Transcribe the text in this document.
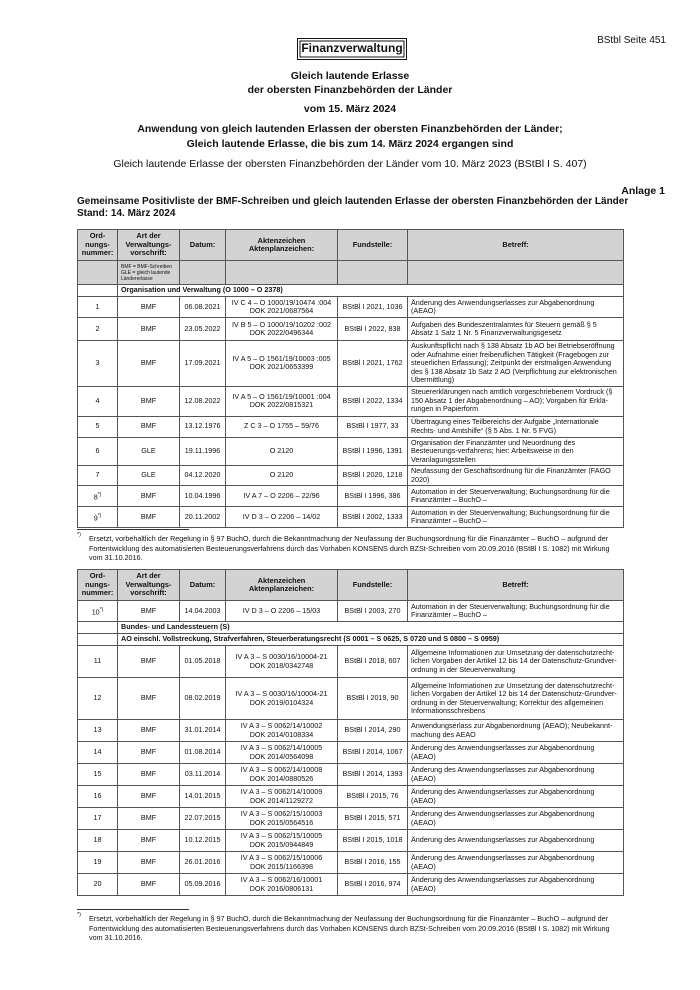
BStbl Seite 451
Finanzverwaltung
Gleich lautende Erlasse
der obersten Finanzbehörden der Länder
vom 15. März 2024
Anwendung von gleich lautenden Erlassen der obersten Finanzbehörden der Länder;
Gleich lautende Erlasse, die bis zum 14. März 2024 ergangen sind
Gleich lautende Erlasse der obersten Finanzbehörden der Länder vom 10. März 2023 (BStBl I S. 407)
Anlage 1
Gemeinsame Positivliste der BMF-Schreiben und gleich lautenden Erlasse der obersten Finanzbehörden der Länder
Stand: 14. März 2024
Ord-nungs-nummer:	Art der Verwaltungs-vorschrift:	Datum:	Aktenzeichen Aktenplanzeichen:	Fundstelle:	Betreff:

	BMF = BMF-Schreiben
GLE = gleich lautende Ländererlasse				

	Organisation und Verwaltung (O 1000 – O 2378)				
1	BMF	06.08.2021	IV C 4 – O 1000/19/10474 :004
DOK 2021/0687564	BStBl I 2021, 1036	Änderung des Anwendungserlasses zur Abgabenordnung (AEAO)
2	BMF	23.05.2022	IV B 5 – O 1000/19/10202 :002
DOK 2022/0496344	BStBl I 2022, 838	Aufgaben des Bundeszentralamtes für Steuern gemäß § 5 Absatz 1 Satz 1 Nr. 5 Finanzverwaltungsgesetz
3	BMF	17.09.2021	IV A 5 – O 1561/19/10003 :005
DOK 2021/0653399	BStBl I 2021, 1762	Auskunftspflicht nach § 138 Absatz 1b AO bei Betriebseröffnung oder Aufnahme einer freiberuflichen Tätigkeit (Fragebogen zur steuerlichen Erfassung); Zeitpunkt der erstmaligen Anwendung des § 138 Absatz 1b Satz 2 AO (Verpflichtung zur elektronischen Übermittlung)
4	BMF	12.08.2022	IV A 5 – O 1561/19/10001 :004
DOK 2022/0815321	BStBl I 2022, 1334	Steuererklärungen nach amtlich vorgeschriebenem Vordruck (§ 150 Absatz 1 der Abgabenordnung – AO); Vorgaben für Erklä-rungen in Papierform
5	BMF	13.12.1976	Z C 3 – O 1755 – 59/76	BStBl I 1977, 33	Übertragung eines Teilbereichs der Aufgabe „Internationale Rechts- und Amtshilfe“ (§ 5 Abs. 1 Nr. 5 FVG)
6	GLE	19.11.1996	O 2120	BStBl I 1996, 1391	Organisation der Finanzämter und Neuordnung des Besteuerungs-verfahrens; hier: Arbeitsweise in den Veranlagungsstellen
7	GLE	04.12.2020	O 2120	BStBl I 2020, 1218	Neufassung der Geschäftsordnung für die Finanzämter (FAGO 2020)
8*)	BMF	10.04.1996	IV A 7 – O 2206 – 22/96	BStBl I 1996, 386	Automation in der Steuerverwaltung; Buchungsordnung für die Finanzämter – BuchO –
9*)	BMF	20.11.2002	IV D 3 – O 2206 – 14/02	BStBl I 2002, 1333	Automation in der Steuerverwaltung; Buchungsordnung für die Finanzämter – BuchO –
*)	Ersetzt, vorbehaltlich der Regelung in § 97 BuchO, durch die Bekanntmachung der Neufassung der Buchungsordnung für die Finanzämter – BuchO – aufgrund der Fortentwicklung des automatisierten Besteuerungsverfahrens durch das Vorhaben KONSENS durch BZSt-Schreiben vom 20.09.2016 (BStBl I S. 1082) mit Wirkung vom 31.10.2016.
Ord-nungs-nummer:	Art der Verwaltungs-vorschrift:	Datum:	Aktenzeichen Aktenplanzeichen:	Fundstelle:	Betreff:
10*)	BMF	14.04.2003	IV D 3 – O 2206 – 15/03	BStBl I 2003, 270	Automation in der Steuerverwaltung; Buchungsordnung für die Finanzämter – BuchO –
	Bundes- und Landessteuern (S)				
	AO einschl. Vollstreckung, Strafverfahren, Steuerberatungsrecht (S 0001 – S 0625, S 0720 und S 0800 – S 0959)				
11	BMF	01.05.2018	IV A 3 – S 0030/16/10004-21
DOK 2018/0342748	BStBl I 2018, 607	Allgemeine Informationen zur Umsetzung der datenschutzrecht-lichen Vorgaben der Artikel 12 bis 14 der Datenschutz-Grundver-ordnung in der Steuerverwaltung
12	BMF	08.02.2019	IV A 3 – S 0030/16/10004-21
DOK 2019/0104324	BStBl I 2019, 90	Allgemeine Informationen zur Umsetzung der datenschutzrecht-lichen Vorgaben der Artikel 12 bis 14 der Datenschutz-Grundver-ordnung in der Steuerverwaltung; Korrektur des allgemeinen Informationsschreibens
13	BMF	31.01.2014	IV A 3 – S 0062/14/10002
DOK 2014/0108334	BStBl I 2014, 290	Anwendungserlass zur Abgabenordnung (AEAO); Neubekannt-machung des AEAO
14	BMF	01.08.2014	IV A 3 – S 0062/14/10005
DOK 2014/0564098	BStBl I 2014, 1067	Änderung des Anwendungserlasses zur Abgabenordnung (AEAO)
15	BMF	03.11.2014	IV A 3 – S 0062/14/10008
DOK 2014/0880526	BStBl I 2014, 1393	Änderung des Anwendungserlasses zur Abgabenordnung (AEAO)
16	BMF	14.01.2015	IV A 3 – S 0062/14/10009
DOK 2014/1129272	BStBl I 2015, 76	Änderung des Anwendungserlasses zur Abgabenordnung (AEAO)
17	BMF	22.07.2015	IV A 3 – S 0062/15/10003
DOK 2015/0564516	BStBl I 2015, 571	Änderung des Anwendungserlasses zur Abgabenordnung (AEAO)
18	BMF	10.12.2015	IV A 3 – S 0062/15/10005
DOK 2015/0944849	BStBl I 2015, 1018	Änderung des Anwendungserlasses zur Abgabenordnung
19	BMF	26.01.2016	IV A 3 – S 0062/15/10006
DOK 2015/1166398	BStBl I 2016, 155	Änderung des Anwendungserlasses zur Abgabenordnung (AEAO)
20	BMF	05.09.2016	IV A 3 – S 0062/16/10001
DOK 2016/0806131	BStBl I 2016, 974	Änderung des Anwendungserlasses zur Abgabenordnung (AEAO)
*)	Ersetzt, vorbehaltlich der Regelung in § 97 BuchO, durch die Bekanntmachung der Neufassung der Buchungsordnung für die Finanzämter – BuchO – aufgrund der Fortentwicklung des automatisierten Besteuerungsverfahrens durch das Vorhaben KONSENS durch BZSt-Schreiben vom 20.09.2016 (BStBl I S. 1082) mit Wirkung vom 31.10.2016.
